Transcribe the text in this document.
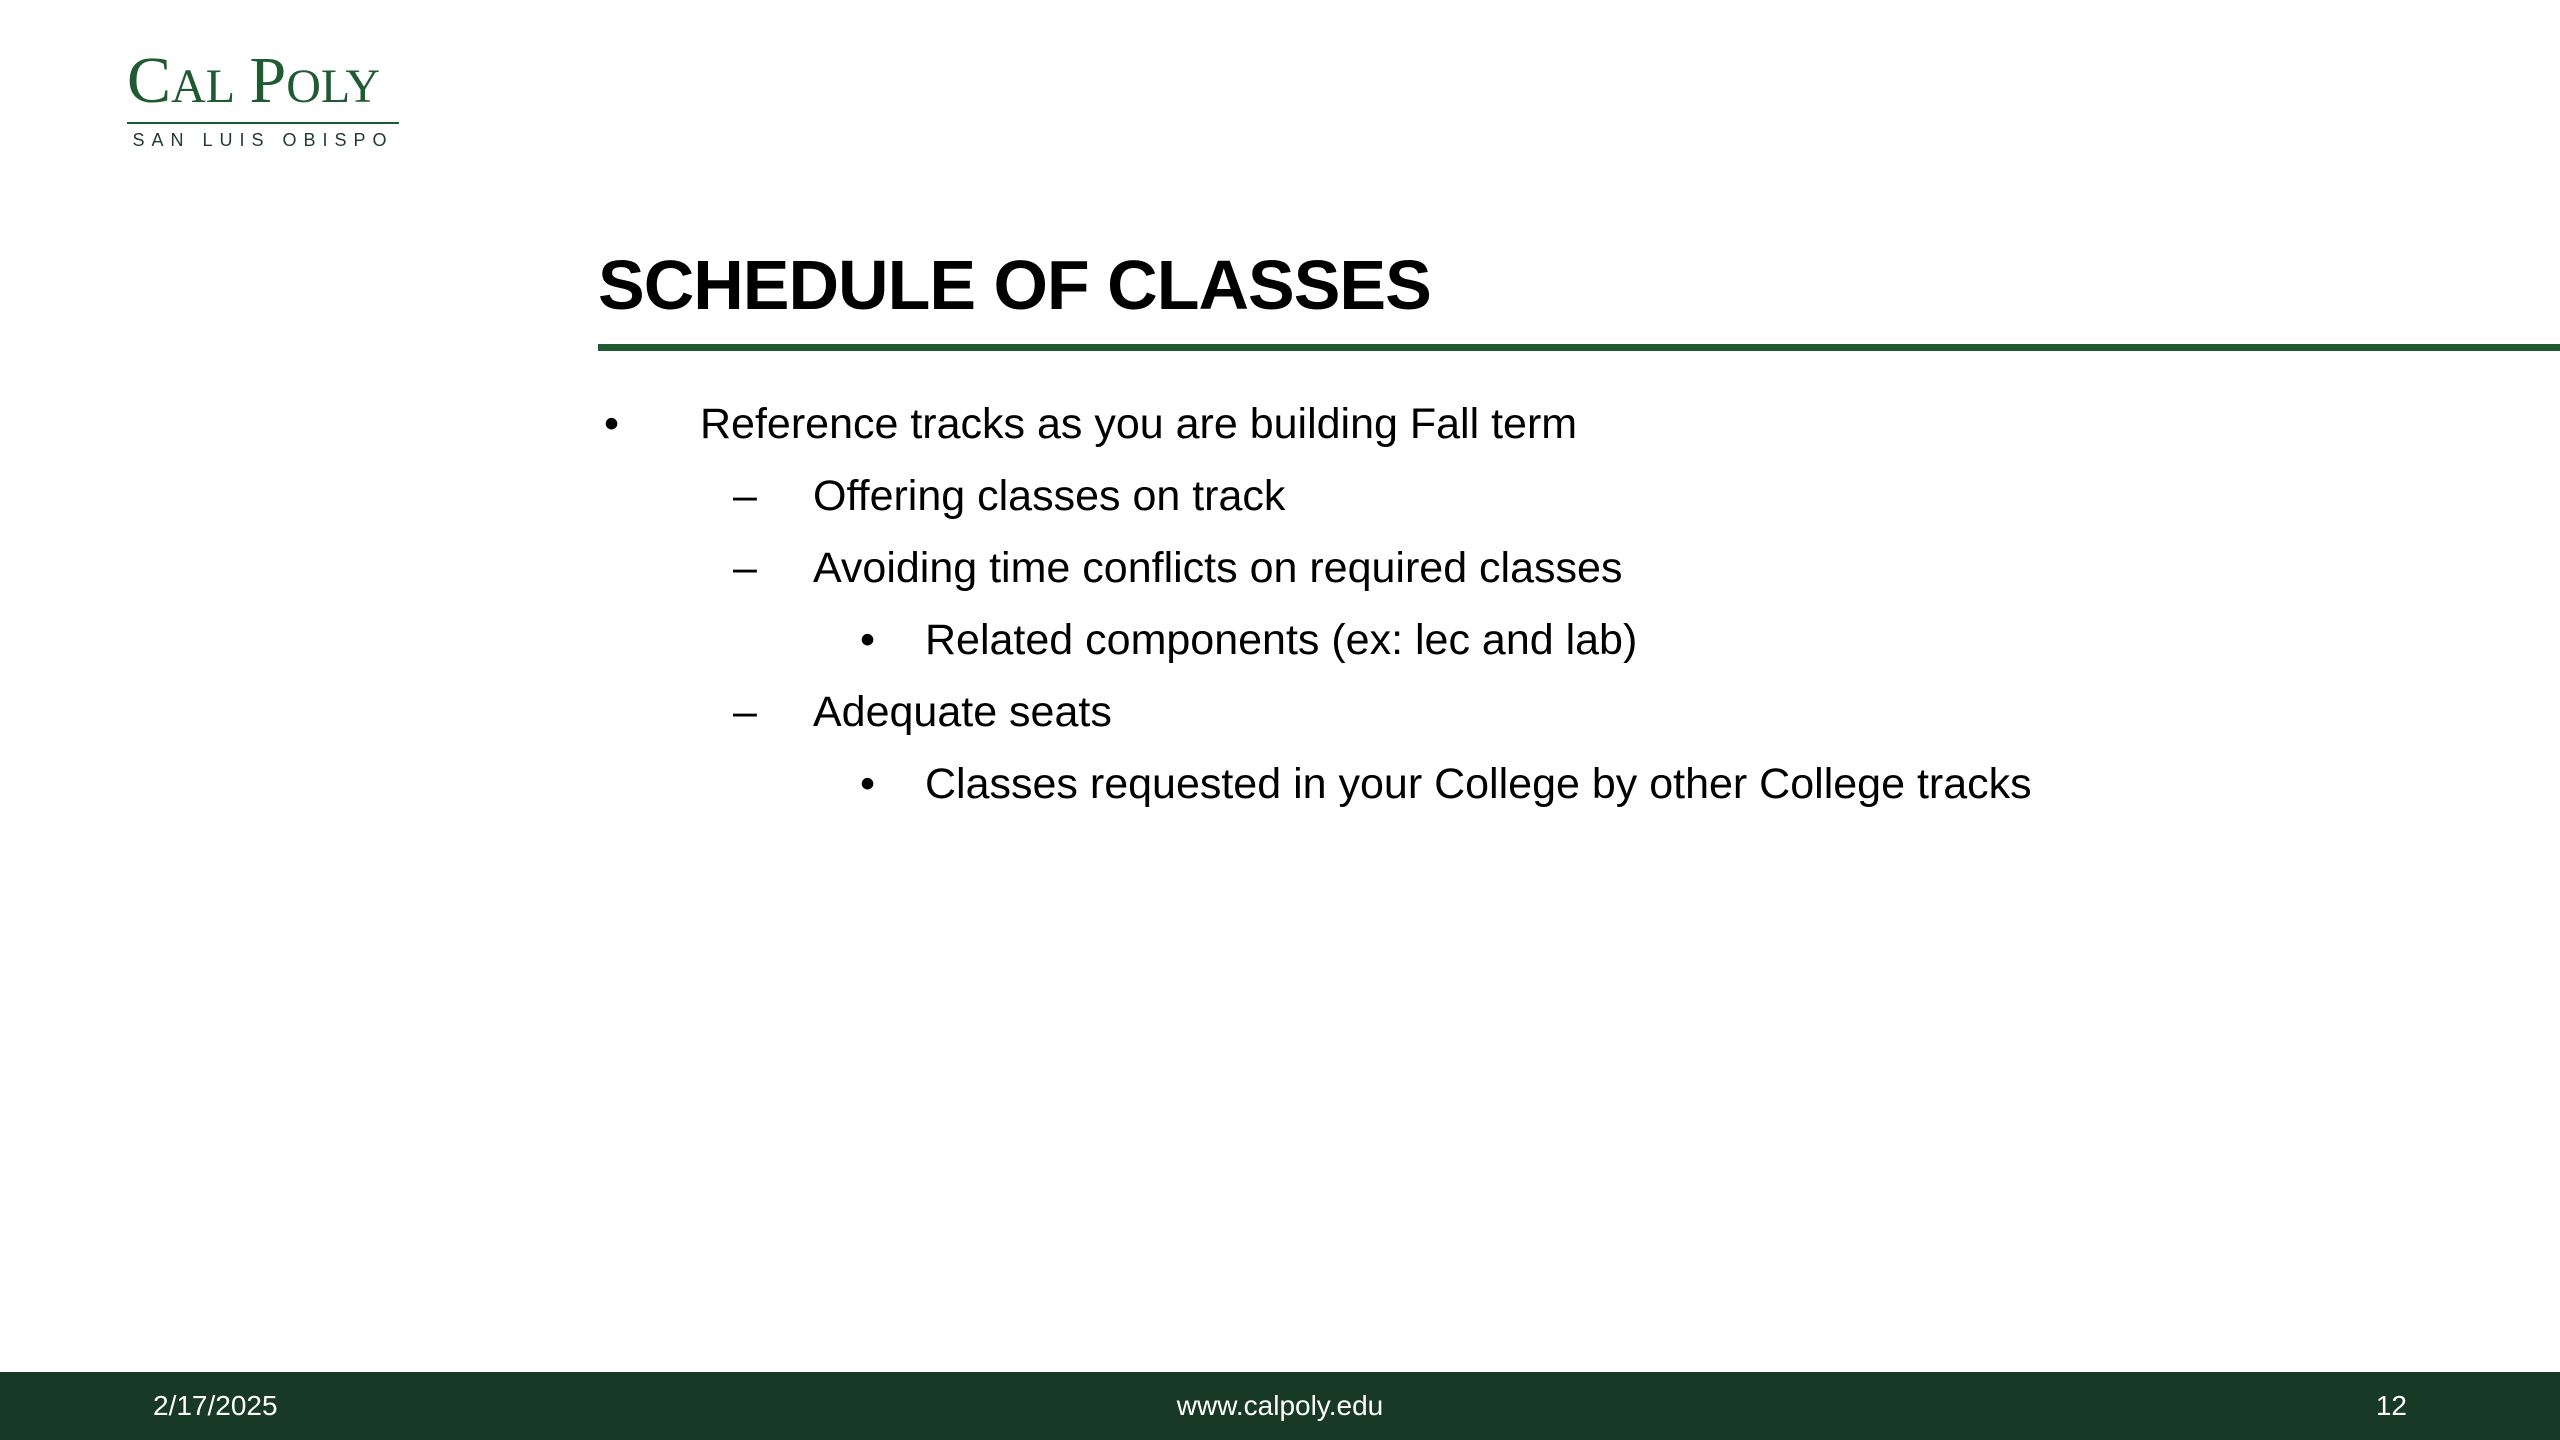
CAL POLY
SAN LUIS OBISPO
SCHEDULE OF CLASSES
• Reference tracks as you are building Fall term
– Offering classes on track
– Avoiding time conflicts on required classes
• Related components (ex: lec and lab)
– Adequate seats
• Classes requested in your College by other College tracks
2/17/2025	www.calpoly.edu	12
